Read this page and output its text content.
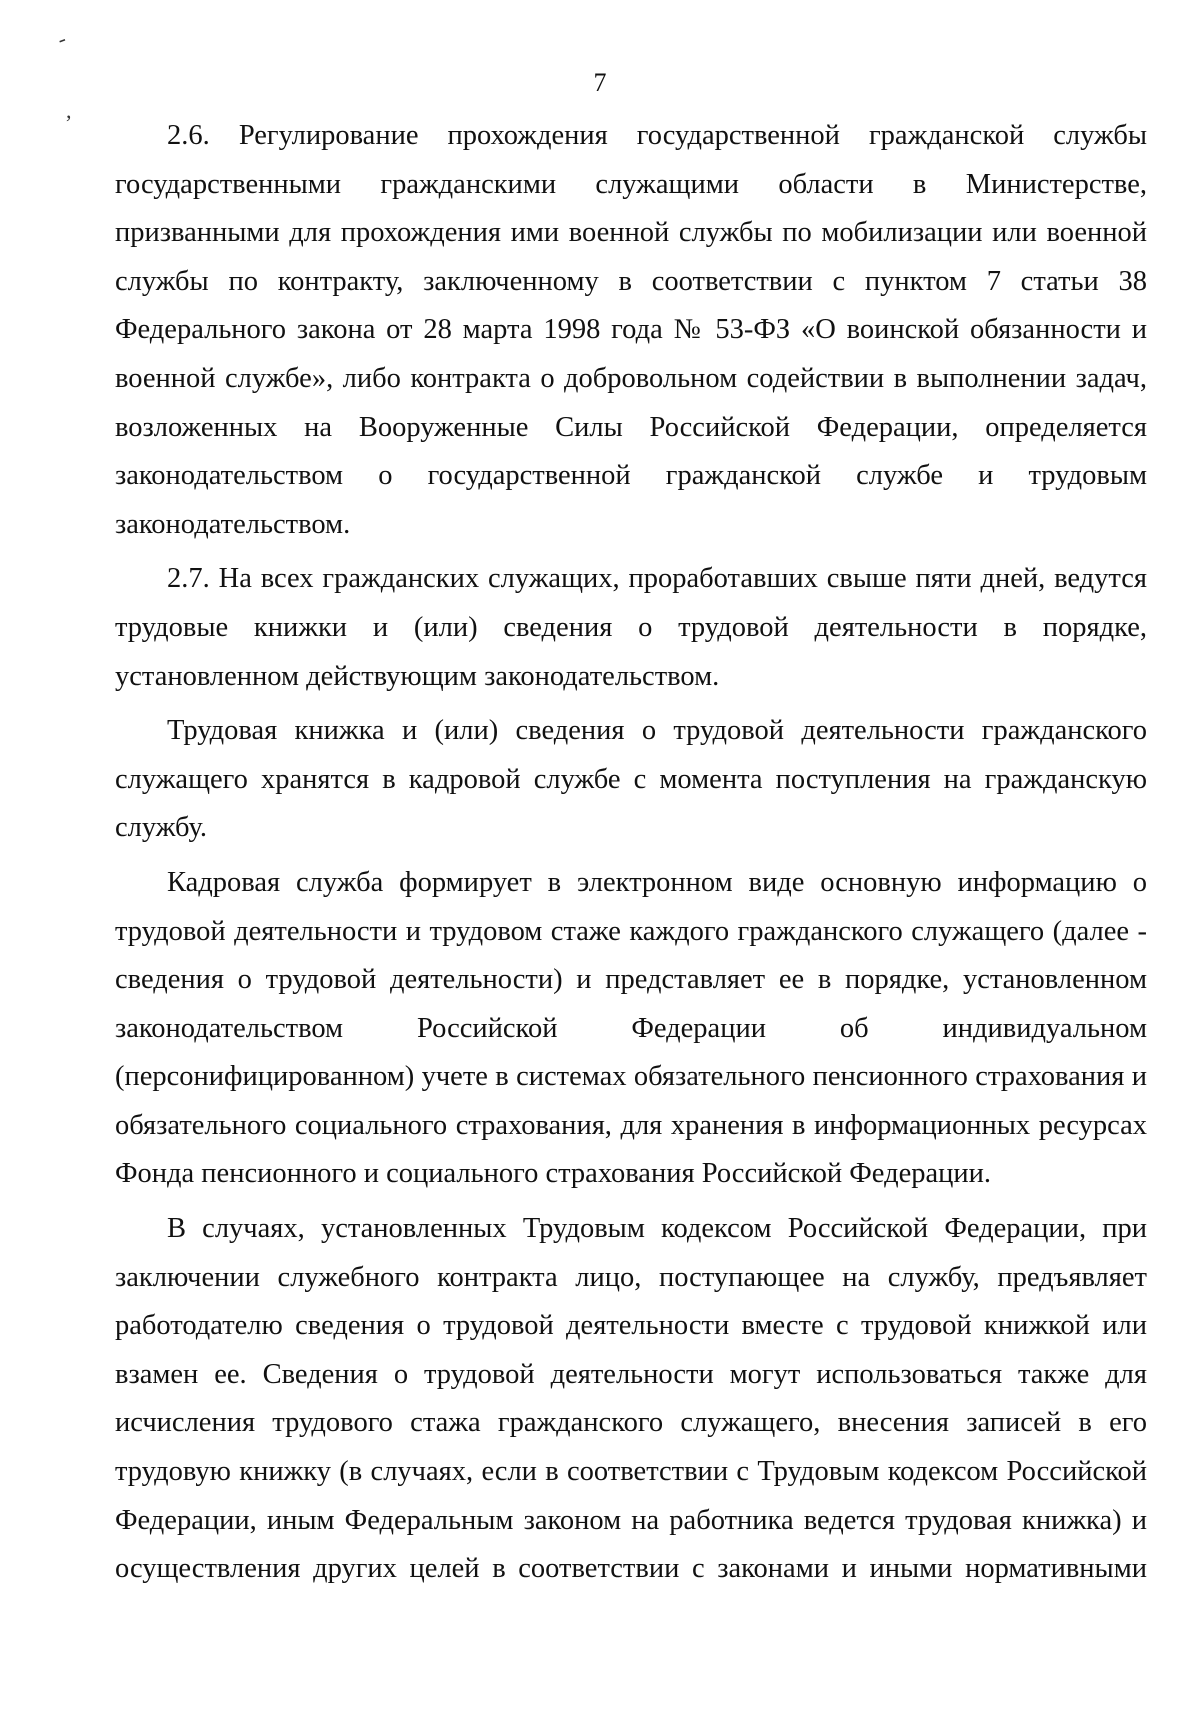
-
,
7

2.6. Регулирование прохождения государственной гражданской службы государственными гражданскими служащими области в Министерстве, призванными для прохождения ими военной службы по мобилизации или военной службы по контракту, заключенному в соответствии с пунктом 7 статьи 38 Федерального закона от 28 марта 1998 года № 53-ФЗ «О воинской обязанности и военной службе», либо контракта о добровольном содействии в выполнении задач, возложенных на Вооруженные Силы Российской Федерации, определяется законодательством о государственной гражданской службе и трудовым законодательством.

2.7. На всех гражданских служащих, проработавших свыше пяти дней, ведутся трудовые книжки и (или) сведения о трудовой деятельности в порядке, установленном действующим законодательством.

Трудовая книжка и (или) сведения о трудовой деятельности гражданского служащего хранятся в кадровой службе с момента поступления на гражданскую службу.

Кадровая служба формирует в электронном виде основную информацию о трудовой деятельности и трудовом стаже каждого гражданского служащего (далее - сведения о трудовой деятельности) и представляет ее в порядке, установленном законодательством Российской Федерации об индивидуальном (персонифицированном) учете в системах обязательного пенсионного страхования и обязательного социального страхования, для хранения в информационных ресурсах Фонда пенсионного и социального страхования Российской Федерации.

В случаях, установленных Трудовым кодексом Российской Федерации, при заключении служебного контракта лицо, поступающее на службу, предъявляет работодателю сведения о трудовой деятельности вместе с трудовой книжкой или взамен ее. Сведения о трудовой деятельности могут использоваться также для исчисления трудового стажа гражданского служащего, внесения записей в его трудовую книжку (в случаях, если в соответствии с Трудовым кодексом Российской Федерации, иным Федеральным законом на работника ведется трудовая книжка) и осуществления других целей в соответствии с законами и иными нормативными
